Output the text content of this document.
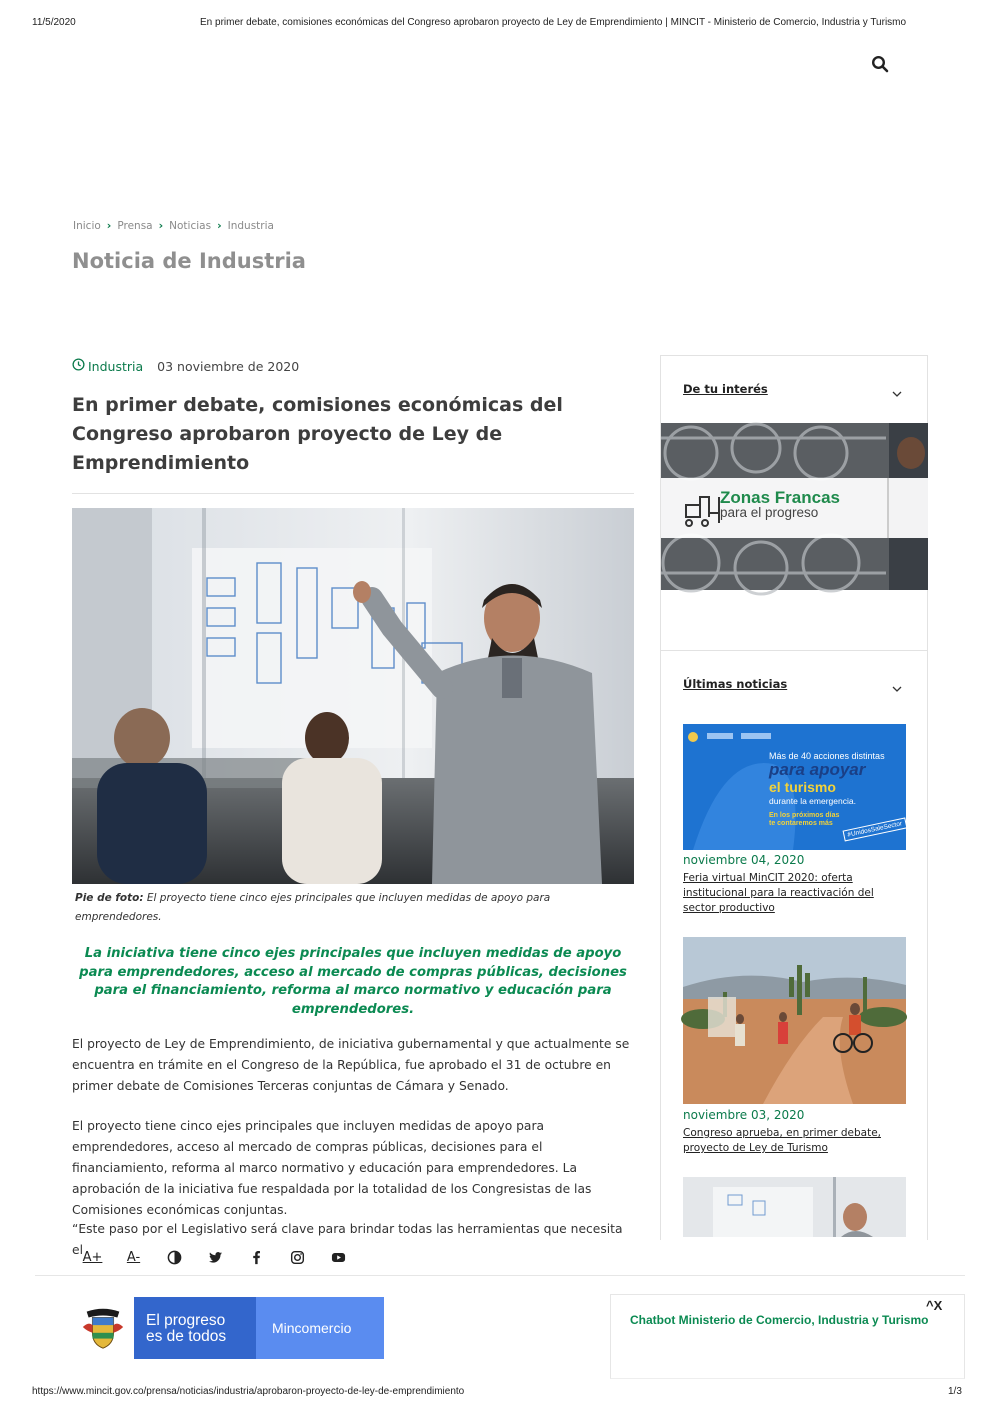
11/5/2020	En primer debate, comisiones económicas del Congreso aprobaron proyecto de Ley de Emprendimiento | MINCIT - Ministerio de Comercio, Industria y Turismo
Inicio › Prensa › Noticias › Industria
Noticia de Industria
Industria 03 noviembre de 2020
En primer debate, comisiones económicas del Congreso aprobaron proyecto de Ley de Emprendimiento
Pie de foto: El proyecto tiene cinco ejes principales que incluyen medidas de apoyo para emprendedores.

La iniciativa tiene cinco ejes principales que incluyen medidas de apoyo para emprendedores, acceso al mercado de compras públicas, decisiones para el financiamiento, reforma al marco normativo y educación para emprendedores.

El proyecto de Ley de Emprendimiento, de iniciativa gubernamental y que actualmente se encuentra en trámite en el Congreso de la República, fue aprobado el 31 de octubre en primer debate de Comisiones Terceras conjuntas de Cámara y Senado.

El proyecto tiene cinco ejes principales que incluyen medidas de apoyo para emprendedores, acceso al mercado de compras públicas, decisiones para el financiamiento, reforma al marco normativo y educación para emprendedores. La aprobación de la iniciativa fue respaldada por la totalidad de los Congresistas de las Comisiones económicas conjuntas.

“Este paso por el Legislativo será clave para brindar todas las herramientas que necesita el

De tu interés
Zonas Francas
para el progreso
Últimas noticias
Más de 40 acciones distintas
para apoyar
el turismo
durante la emergencia.
En los próximos días
te contaremos más	#UnidosSaleSector
noviembre 04, 2020
Feria virtual MinCIT 2020: oferta institucional para la reactivación del sector productivo
noviembre 03, 2020
Congreso aprueba, en primer debate, proyecto de Ley de Turismo
A+ A-
El progreso
es de todos	Mincomercio	Chatbot Ministerio de Comercio, Industria y Turismo
^X
https://www.mincit.gov.co/prensa/noticias/industria/aprobaron-proyecto-de-ley-de-emprendimiento	1/3
